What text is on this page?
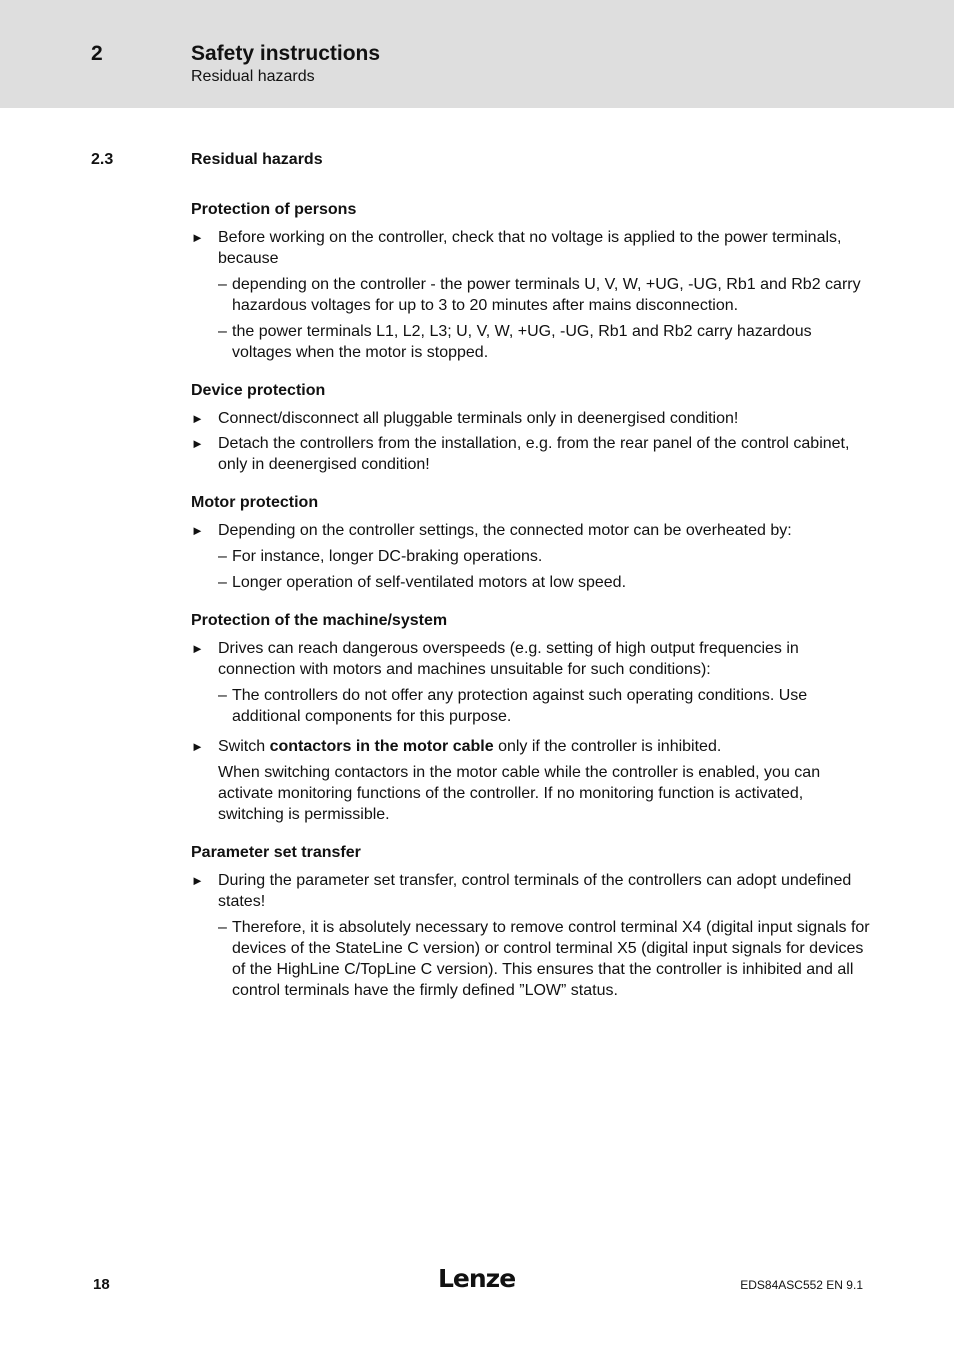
2	Safety instructions
Residual hazards
2.3	Residual hazards
Protection of persons
► Before working on the controller, check that no voltage is applied to the power terminals, because
– depending on the controller - the power terminals U, V, W, +UG, -UG, Rb1 and Rb2 carry hazardous voltages for up to 3 to 20 minutes after mains disconnection.
– the power terminals L1, L2, L3; U, V, W, +UG, -UG, Rb1 and Rb2 carry hazardous voltages when the motor is stopped.
Device protection
► Connect/disconnect all pluggable terminals only in deenergised condition!
► Detach the controllers from the installation, e.g. from the rear panel of the control cabinet, only in deenergised condition!
Motor protection
► Depending on the controller settings, the connected motor can be overheated by:
– For instance, longer DC-braking operations.
– Longer operation of self-ventilated motors at low speed.
Protection of the machine/system
► Drives can reach dangerous overspeeds (e.g. setting of high output frequencies in connection with motors and machines unsuitable for such conditions):
– The controllers do not offer any protection against such operating conditions. Use additional components for this purpose.
► Switch contactors in the motor cable only if the controller is inhibited.
When switching contactors in the motor cable while the controller is enabled, you can activate monitoring functions of the controller. If no monitoring function is activated, switching is permissible.
Parameter set transfer
► During the parameter set transfer, control terminals of the controllers can adopt undefined states!
– Therefore, it is absolutely necessary to remove control terminal X4 (digital input signals for devices of the StateLine C version) or control terminal X5 (digital input signals for devices of the HighLine C/TopLine C version). This ensures that the controller is inhibited and all control terminals have the firmly defined ”LOW” status.
18	Lenze	EDS84ASC552 EN 9.1
